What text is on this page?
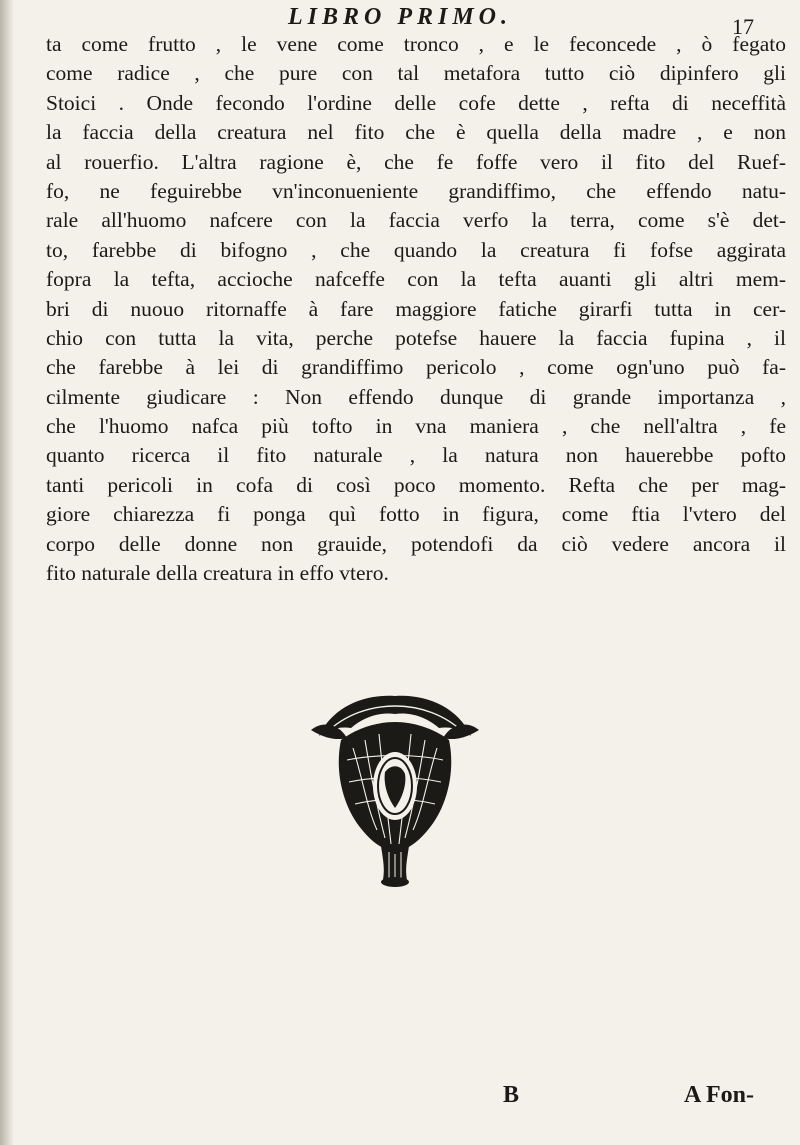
LIBRO PRIMO.	17
ta come frutto , le vene come tronco , e le feconcede , ò fegato
come radice , che pure con tal metafora tutto ciò dipinfero gli
Stoici . Onde fecondo l'ordine delle cofe dette , refta di neceffità
la faccia della creatura nel fito che è quella della madre , e non
al rouerfio. L'altra ragione è, che fe foffe vero il fito del Ruef-
fo, ne feguirebbe vn'inconueniente grandiffimo, che effendo natu-
rale all'huomo nafcere con la faccia verfo la terra, come s'è det-
to, farebbe di bifogno , che quando la creatura fi fofse aggirata
fopra la tefta, accioche nafceffe con la tefta auanti gli altri mem-
bri di nuouo ritornaffe à fare maggiore fatiche girarfi tutta in cer-
chio con tutta la vita, perche potefse hauere la faccia fupina , il
che farebbe à lei di grandiffimo pericolo , come ogn'uno può fa-
cilmente giudicare : Non effendo dunque di grande importanza ,
che l'huomo nafca più tofto in vna maniera , che nell'altra , fe
quanto ricerca il fito naturale , la natura non hauerebbe pofto
tanti pericoli in cofa di così poco momento. Refta che per mag-
giore chiarezza fi ponga quì fotto in figura, come ftia l'vtero del
corpo delle donne non grauide, potendofi da ciò vedere ancora il
fito naturale della creatura in effo vtero.
B	A Fon-
